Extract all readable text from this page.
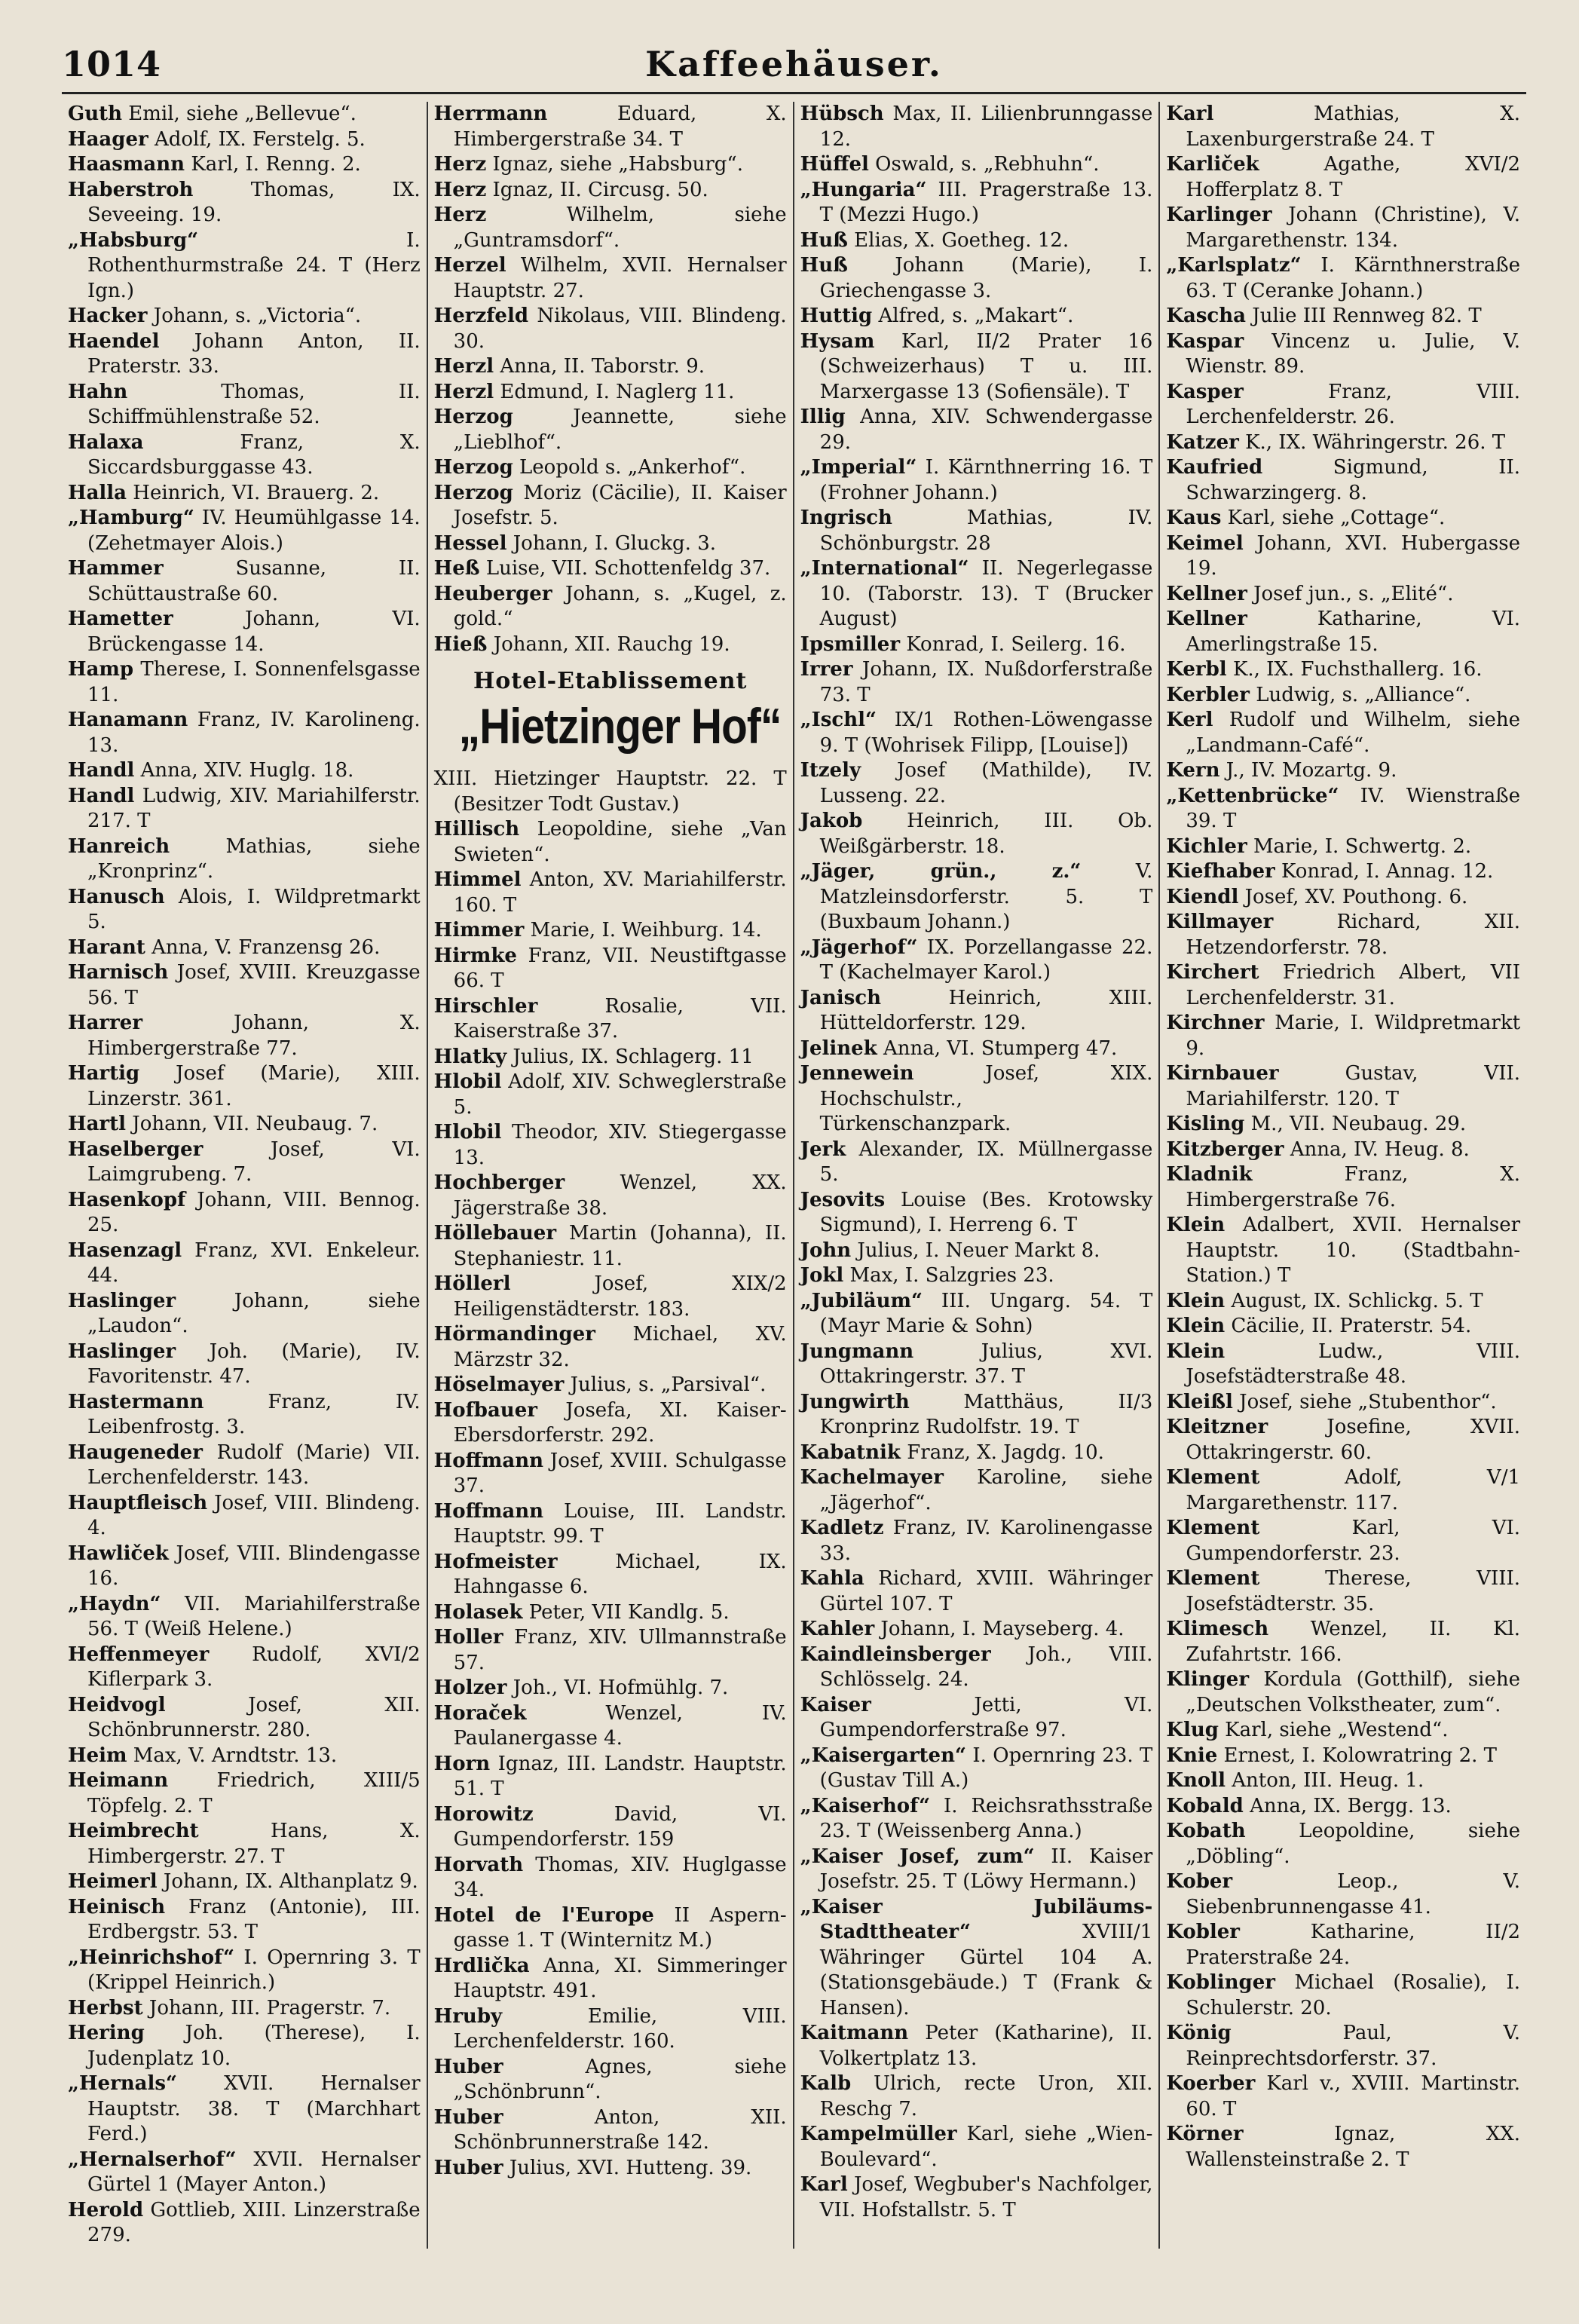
1014	Kaffeehäuser.
Guth Emil, siehe „Bellevue“.
Haager Adolf, IX. Ferstelg. 5.
Haasmann Karl, I. Renng. 2.
Haberstroh	Thomas, IX. Seveeing. 19.
„Habsburg“	I. Rothenthurmstraße 24. T (Herz Ign.)
Hacker Johann, s. „Victoria“.
Haendel Johann Anton, II. Praterstr. 33.
Hahn	Thomas, II. Schiffmühlenstraße 52.
Halaxa	Franz, X. Siccardsburggasse 43.
Halla Heinrich, VI. Brauerg. 2.
„Hamburg“ IV. Heumühlgasse 14. (Zehetmayer Alois.)
Hammer	Susanne, II. Schüttaustraße 60.
Hametter	Johann, VI. Brückengasse 14.
Hamp Therese, I. Sonnenfelsgasse 11.
Hanamann Franz, IV. Karolineng. 13.
Handl Anna, XIV. Huglg. 18.
Handl Ludwig, XIV. Mariahilferstr. 217. T
Hanreich	Mathias, siehe „Kronprinz“.
Hanusch Alois, I. Wildpretmarkt 5.
Harant Anna, V. Franzensg 26.
Harnisch Josef, XVIII. Kreuzgasse 56. T
Harrer	Johann, X. Himbergerstraße 77.
Hartig Josef (Marie), XIII. Linzerstr. 361.
Hartl Johann, VII. Neubaug. 7.
Haselberger	Josef, VI. Laimgrubeng. 7.
Hasenkopf Johann, VIII. Bennog. 25.
Hasenzagl Franz, XVI. Enkeleur. 44.
Haslinger	Johann, siehe „Laudon“.
Haslinger Joh. (Marie), IV. Favoritenstr. 47.
Hastermann	Franz, IV. Leibenfrostg. 3.
Haugeneder Rudolf (Marie) VII. Lerchenfelderstr. 143.
Hauptfleisch Josef, VIII. Blindeng. 4.
Hawliček Josef, VIII. Blindengasse 16.
„Haydn“ VII. Mariahilferstraße 56. T (Weiß Helene.)
Heffenmeyer Rudolf, XVI/2 Kiflerpark 3.
Heidvogl	Josef, XII. Schönbrunnerstr. 280.
Heim Max, V. Arndtstr. 13.
Heimann Friedrich, XIII/5 Töpfelg. 2. T
Heimbrecht	Hans, X. Himbergerstr. 27. T
Heimerl Johann, IX. Althanplatz 9.
Heinisch Franz (Antonie), III. Erdbergstr. 53. T
„Heinrichshof“ I. Opernring 3. T (Krippel Heinrich.)
Herbst Johann, III. Pragerstr. 7.
Hering Joh. (Therese), I. Judenplatz 10.
„Hernals“ XVII. Hernalser Hauptstr. 38. T (Marchhart Ferd.)
„Hernalserhof“ XVII. Hernalser Gürtel 1 (Mayer Anton.)
Herold Gottlieb, XIII. Linzerstraße 279.
Herrmann	Eduard, X. Himbergerstraße 34. T
Herz Ignaz, siehe „Habsburg“.
Herz Ignaz, II. Circusg. 50.
Herz	Wilhelm, siehe „Guntramsdorf“.
Herzel Wilhelm, XVII. Hernalser Hauptstr. 27.
Herzfeld Nikolaus, VIII. Blindeng. 30.
Herzl Anna, II. Taborstr. 9.
Herzl Edmund, I. Naglerg 11.
Herzog	Jeannette, siehe „Lieblhof“.
Herzog Leopold s. „Ankerhof“.
Herzog Moriz (Cäcilie), II. Kaiser Josefstr. 5.
Hessel Johann, I. Gluckg. 3.
Heß Luise, VII. Schottenfeldg 37.
Heuberger Johann, s. „Kugel, z. gold.“
Hieß Johann, XII. Rauchg 19.
Hotel-Etablissement
„Hietzinger Hof“
XIII. Hietzinger Hauptstr. 22. T (Besitzer Todt Gustav.)
Hillisch Leopoldine, siehe „Van Swieten“.
Himmel Anton, XV. Mariahilferstr. 160. T
Himmer Marie, I. Weihburg. 14.
Hirmke Franz, VII. Neustiftgasse 66. T
Hirschler	Rosalie, VII. Kaiserstraße 37.
Hlatky Julius, IX. Schlagerg. 11
Hlobil Adolf, XIV. Schweglerstraße 5.
Hlobil Theodor, XIV. Stiegergasse 13.
Hochberger	Wenzel, XX. Jägerstraße 38.
Höllebauer Martin (Johanna), II. Stephaniestr. 11.
Höllerl	Josef, XIX/2 Heiligenstädterstr. 183.
Hörmandinger Michael, XV. Märzstr 32.
Höselmayer Julius, s. „Parsival“.
Hofbauer Josefa, XI. Kaiser-Ebersdorferstr. 292.
Hoffmann Josef, XVIII. Schulgasse 37.
Hoffmann Louise, III. Landstr. Hauptstr. 99. T
Hofmeister	Michael, IX. Hahngasse 6.
Holasek Peter, VII Kandlg. 5.
Holler Franz, XIV. Ullmannstraße 57.
Holzer Joh., VI. Hofmühlg. 7.
Horaček	Wenzel, IV. Paulanergasse 4.
Horn Ignaz, III. Landstr. Hauptstr. 51. T
Horowitz	David, VI. Gumpendorferstr. 159
Horvath Thomas, XIV. Huglgasse 34.
Hotel de l'Europe II Aspern-gasse 1. T (Winternitz M.)
Hrdlička Anna, XI. Simmeringer Hauptstr. 491.
Hruby	Emilie, VIII. Lerchenfelderstr. 160.
Huber	Agnes, siehe „Schönbrunn“.
Huber	Anton, XII. Schönbrunnerstraße 142.
Huber Julius, XVI. Hutteng. 39.
Hübsch Max, II. Lilienbrunngasse 12.
Hüffel Oswald, s. „Rebhuhn“.
„Hungaria“ III. Pragerstraße 13. T (Mezzi Hugo.)
Huß Elias, X. Goetheg. 12.
Huß Johann (Marie), I. Griechengasse 3.
Huttig Alfred, s. „Makart“.
Hysam Karl, II/2 Prater 16 (Schweizerhaus) T u. III. Marxergasse 13 (Sofiensäle). T
Illig Anna, XIV. Schwendergasse 29.
„Imperial“ I. Kärnthnerring 16. T (Frohner Johann.)
Ingrisch	Mathias, IV. Schönburgstr. 28
„International“ II. Negerlegasse 10. (Taborstr. 13). T (Brucker August)
Ipsmiller Konrad, I. Seilerg. 16.
Irrer Johann, IX. Nußdorferstraße 73. T
„Ischl“ IX/1 Rothen-Löwengasse 9. T (Wohrisek Filipp, [Louise])
Itzely Josef (Mathilde), IV. Lusseng. 22.
Jakob Heinrich, III. Ob. Weißgärberstr. 18.
„Jäger, grün., z.“	V. Matzleinsdorferstr. 5. T (Buxbaum Johann.)
„Jägerhof“ IX. Porzellangasse 22. T (Kachelmayer Karol.)
Janisch	Heinrich, XIII. Hütteldorferstr. 129.
Jelinek Anna, VI. Stumperg 47.
Jennewein	Josef, XIX. Hochschulstr., Türkenschanzpark.
Jerk Alexander, IX. Müllnergasse 5.
Jesovits Louise (Bes. Krotowsky Sigmund), I. Herreng 6. T
John Julius, I. Neuer Markt 8.
Jokl Max, I. Salzgries 23.
„Jubiläum“ III. Ungarg. 54. T (Mayr Marie & Sohn)
Jungmann	Julius, XVI. Ottakringerstr. 37. T
Jungwirth	Matthäus, II/3 Kronprinz Rudolfstr. 19. T
Kabatnik Franz, X. Jagdg. 10.
Kachelmayer Karoline, siehe „Jägerhof“.
Kadletz Franz, IV. Karolinengasse 33.
Kahla Richard, XVIII. Währinger Gürtel 107. T
Kahler Johann, I. Mayseberg. 4.
Kaindleinsberger Joh., VIII. Schlösselg. 24.
Kaiser	Jetti, VI. Gumpendorferstraße 97.
„Kaisergarten“ I. Opernring 23. T (Gustav Till A.)
„Kaiserhof“ I. Reichsrathsstraße 23. T (Weissenberg Anna.)
„Kaiser Josef, zum“ II. Kaiser Josefstr. 25. T (Löwy Hermann.)
„Kaiser Jubiläums-Stadttheater“	XVIII/1 Währinger Gürtel 104 A. (Stationsgebäude.) T (Frank & Hansen).
Kaitmann Peter (Katharine), II. Volkertplatz 13.
Kalb Ulrich, recte Uron, XII. Reschg 7.
Kampelmüller Karl, siehe „Wien-Boulevard“.
Karl Josef, Wegbuber's Nachfolger, VII. Hofstallstr. 5. T
Karl	Mathias, X. Laxenburgerstraße 24. T
Karliček	Agathe, XVI/2 Hofferplatz 8. T
Karlinger Johann (Christine), V. Margarethenstr. 134.
„Karlsplatz“ I. Kärnthnerstraße 63. T (Ceranke Johann.)
Kascha Julie III Rennweg 82. T
Kaspar Vincenz u. Julie, V. Wienstr. 89.
Kasper	Franz, VIII. Lerchenfelderstr. 26.
Katzer K., IX. Währingerstr. 26. T
Kaufried	Sigmund, II. Schwarzingerg. 8.
Kaus Karl, siehe „Cottage“.
Keimel Johann, XVI. Hubergasse 19.
Kellner Josef jun., s. „Elité“.
Kellner	Katharine, VI. Amerlingstraße 15.
Kerbl K., IX. Fuchsthallerg. 16.
Kerbler Ludwig, s. „Alliance“.
Kerl Rudolf und Wilhelm, siehe „Landmann-Café“.
Kern J., IV. Mozartg. 9.
„Kettenbrücke“ IV. Wienstraße 39. T
Kichler Marie, I. Schwertg. 2.
Kiefhaber Konrad, I. Annag. 12.
Kiendl Josef, XV. Pouthong. 6.
Killmayer	Richard, XII. Hetzendorferstr. 78.
Kirchert Friedrich Albert, VII Lerchenfelderstr. 31.
Kirchner Marie, I. Wildpretmarkt 9.
Kirnbauer	Gustav, VII. Mariahilferstr. 120. T
Kisling M., VII. Neubaug. 29.
Kitzberger Anna, IV. Heug. 8.
Kladnik	Franz, X. Himbergerstraße 76.
Klein Adalbert, XVII. Hernalser Hauptstr. 10. (Stadtbahn-Station.) T
Klein August, IX. Schlickg. 5. T
Klein Cäcilie, II. Praterstr. 54.
Klein	Ludw., VIII. Josefstädterstraße 48.
Kleißl Josef, siehe „Stubenthor“.
Kleitzner	Josefine, XVII. Ottakringerstr. 60.
Klement	Adolf, V/1 Margarethenstr. 117.
Klement	Karl, VI. Gumpendorferstr. 23.
Klement	Therese, VIII. Josefstädterstr. 35.
Klimesch Wenzel, II. Kl. Zufahrtstr. 166.
Klinger Kordula (Gotthilf), siehe „Deutschen Volkstheater, zum“.
Klug Karl, siehe „Westend“.
Knie Ernest, I. Kolowratring 2. T
Knoll Anton, III. Heug. 1.
Kobald Anna, IX. Bergg. 13.
Kobath	Leopoldine, siehe „Döbling“.
Kober	Leop., V. Siebenbrunnengasse 41.
Kobler	Katharine, II/2 Praterstraße 24.
Koblinger Michael (Rosalie), I. Schulerstr. 20.
König	Paul, V. Reinprechtsdorferstr. 37.
Koerber Karl v., XVIII. Martinstr. 60. T
Körner	Ignaz, XX. Wallensteinstraße 2. T
